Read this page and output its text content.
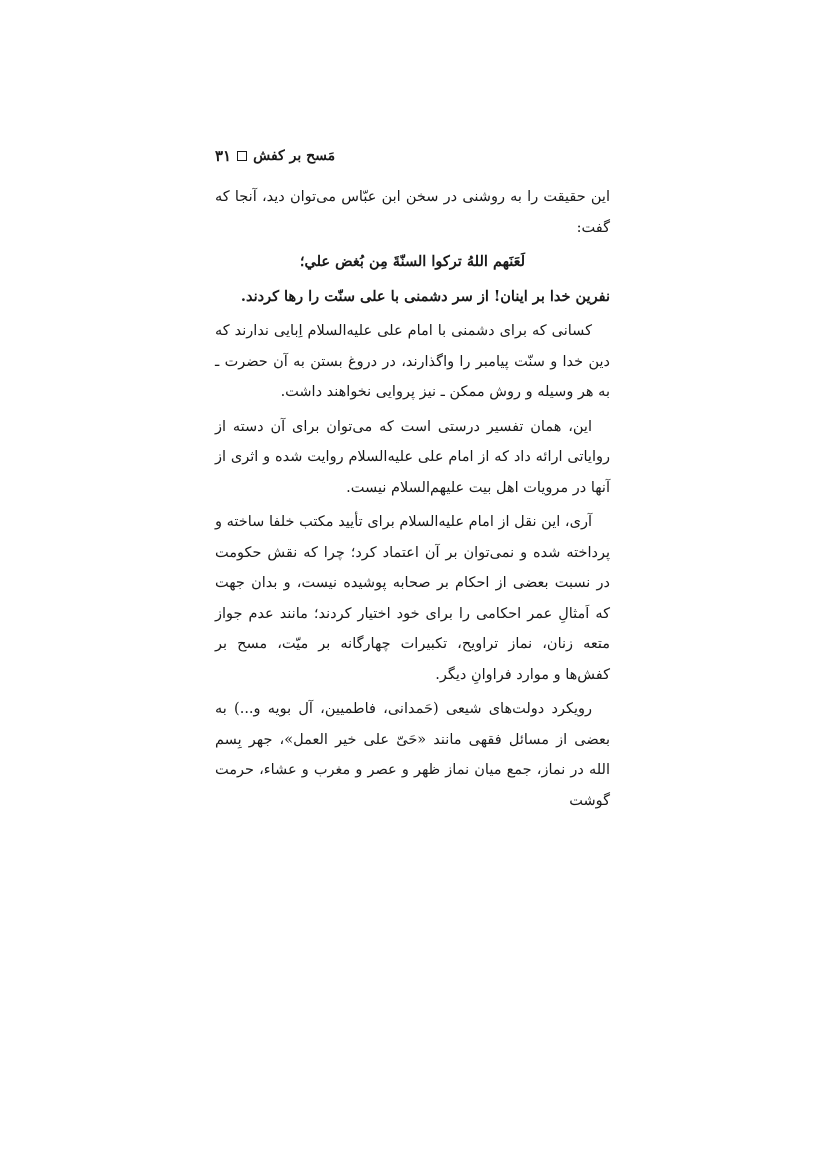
۳۱ مَسح بر کفش

این حقیقت را به روشنی در سخن ابن عبّاس می‌توان دید، آنجا که گفت:

لَعَنَهم اللهُ ترکوا السنّةَ مِن بُغض علي؛

نفرین خدا بر اینان! از سر دشمنی با علی سنّت را رها کردند.

کسانی که برای دشمنی با امام علی علیه‌السلام اِبایی ندارند که دین خدا و سنّت پیامبر را واگذارند، در دروغ بستن به آن حضرت ـ به هر وسیله و روش ممکن ـ نیز پروایی نخواهند داشت.

این، همان تفسیر درستی است که می‌توان برای آن دسته از روایاتی ارائه داد که از امام علی علیه‌السلام روایت شده و اثری از آنها در مرویات اهل بیت علیهم‌السلام نیست.

آری، این نقل از امام علیه‌السلام برای تأیید مکتب خلفا ساخته و پرداخته شده و نمی‌توان بر آن اعتماد کرد؛ چرا که نقش حکومت در نسبت بعضی از احکام بر صحابه پوشیده نیست، و بدان جهت که اَمثالِ عمر احکامی را برای خود اختیار کردند؛ مانند عدم جواز متعه زنان، نماز تراویح، تکبیرات چهارگانه بر میّت، مسح بر کفش‌ها و موارد فراوانِ دیگر.

رویکرد دولت‌های شیعی (حَمدانی، فاطمیین، آل بویه و...) به بعضی از مسائل فقهی مانند «حَیّ علی خیر العمل»، جهر بِسم الله در نماز، جمع میان نماز ظهر و عصر و مغرب و عشاء، حرمت گوشت
